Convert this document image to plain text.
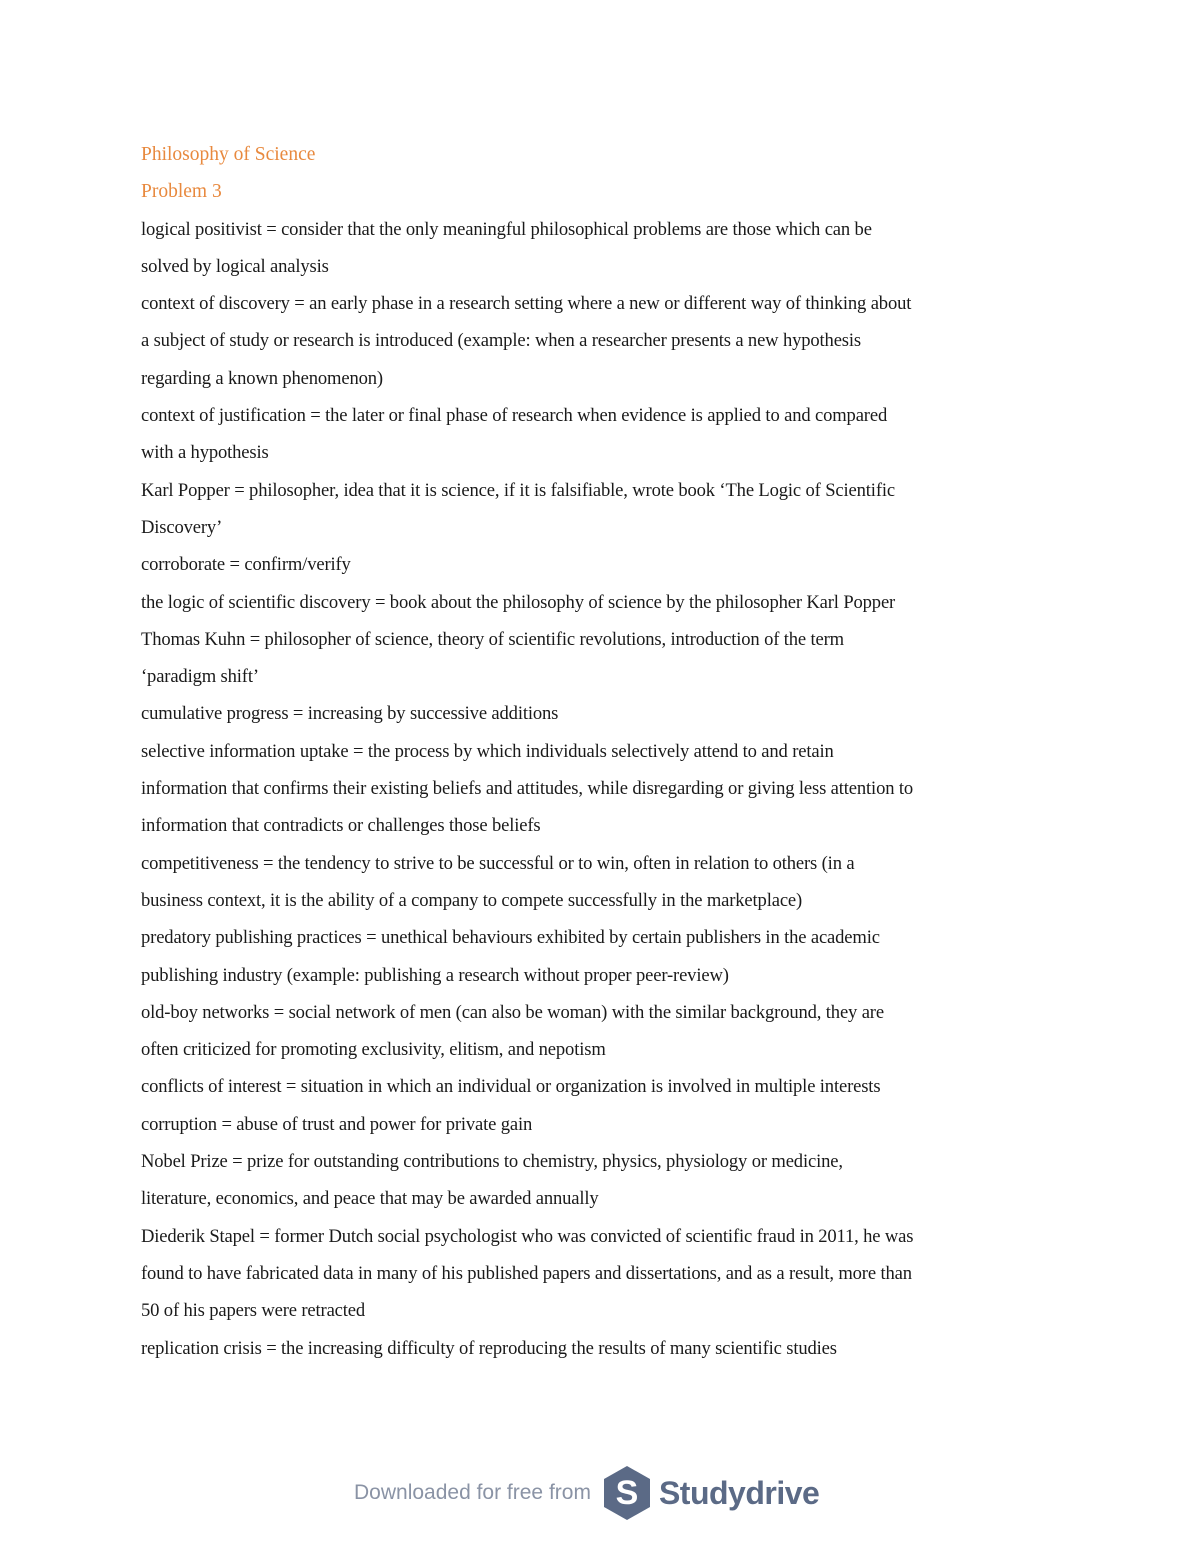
Philosophy of Science
Problem 3
logical positivist = consider that the only meaningful philosophical problems are those which can be
solved by logical analysis
context of discovery = an early phase in a research setting where a new or different way of thinking about
a subject of study or research is introduced (example: when a researcher presents a new hypothesis
regarding a known phenomenon)
context of justification = the later or final phase of research when evidence is applied to and compared
with a hypothesis
Karl Popper = philosopher, idea that it is science, if it is falsifiable, wrote book ‘The Logic of Scientific
Discovery’
corroborate = confirm/verify
the logic of scientific discovery = book about the philosophy of science by the philosopher Karl Popper
Thomas Kuhn = philosopher of science, theory of scientific revolutions, introduction of the term
‘paradigm shift’
cumulative progress = increasing by successive additions
selective information uptake = the process by which individuals selectively attend to and retain
information that confirms their existing beliefs and attitudes, while disregarding or giving less attention to
information that contradicts or challenges those beliefs
competitiveness = the tendency to strive to be successful or to win, often in relation to others (in a
business context, it is the ability of a company to compete successfully in the marketplace)
predatory publishing practices = unethical behaviours exhibited by certain publishers in the academic
publishing industry (example: publishing a research without proper peer-review)
old-boy networks = social network of men (can also be woman) with the similar background, they are
often criticized for promoting exclusivity, elitism, and nepotism
conflicts of interest = situation in which an individual or organization is involved in multiple interests
corruption = abuse of trust and power for private gain
Nobel Prize = prize for outstanding contributions to chemistry, physics, physiology or medicine,
literature, economics, and peace that may be awarded annually
Diederik Stapel = former Dutch social psychologist who was convicted of scientific fraud in 2011, he was
found to have fabricated data in many of his published papers and dissertations, and as a result, more than
50 of his papers were retracted
replication crisis = the increasing difficulty of reproducing the results of many scientific studies
Downloaded for free from S Studydrive
